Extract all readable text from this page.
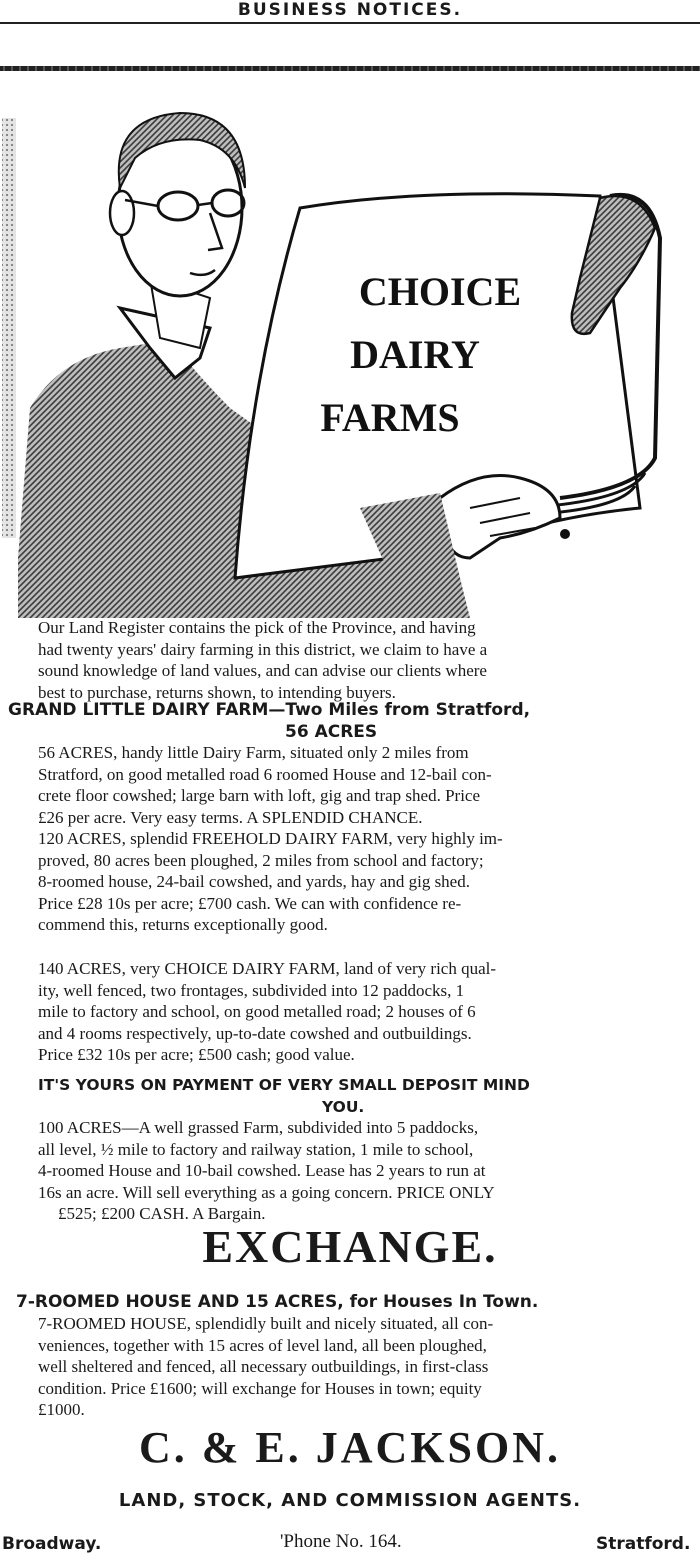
BUSINESS NOTICES.
CHOICE
DAIRY
FARMS
Our Land Register contains the pick of the Province, and having
had twenty years' dairy farming in this district, we claim to have a
sound knowledge of land values, and can advise our clients where
best to purchase, returns shown, to intending buyers.
GRAND LITTLE DAIRY FARM—Two Miles from Stratford,
56 ACRES
56 ACRES, handy little Dairy Farm, situated only 2 miles from
Stratford, on good metalled road 6 roomed House and 12-bail con-
crete floor cowshed; large barn with loft, gig and trap shed. Price
£26 per acre. Very easy terms. A SPLENDID CHANCE.
120 ACRES, splendid FREEHOLD DAIRY FARM, very highly im-
proved, 80 acres been ploughed, 2 miles from school and factory;
8-roomed house, 24-bail cowshed, and yards, hay and gig shed.
Price £28 10s per acre; £700 cash. We can with confidence re-
commend this, returns exceptionally good.
140 ACRES, very CHOICE DAIRY FARM, land of very rich qual-
ity, well fenced, two frontages, subdivided into 12 paddocks, 1
mile to factory and school, on good metalled road; 2 houses of 6
and 4 rooms respectively, up-to-date cowshed and outbuildings.
Price £32 10s per acre; £500 cash; good value.
IT'S YOURS ON PAYMENT OF VERY SMALL DEPOSIT MIND
YOU.
100 ACRES—A well grassed Farm, subdivided into 5 paddocks,
all level, ½ mile to factory and railway station, 1 mile to school,
4-roomed House and 10-bail cowshed. Lease has 2 years to run at
16s an acre. Will sell everything as a going concern. PRICE ONLY
£525; £200 CASH. A Bargain.
EXCHANGE.
7-ROOMED HOUSE AND 15 ACRES, for Houses In Town.
7-ROOMED HOUSE, splendidly built and nicely situated, all con-
veniences, together with 15 acres of level land, all been ploughed,
well sheltered and fenced, all necessary outbuildings, in first-class
condition. Price £1600; will exchange for Houses in town; equity
£1000.
C. & E. JACKSON.
LAND, STOCK, AND COMMISSION AGENTS.
Broadway.	'Phone No. 164.	Stratford.
